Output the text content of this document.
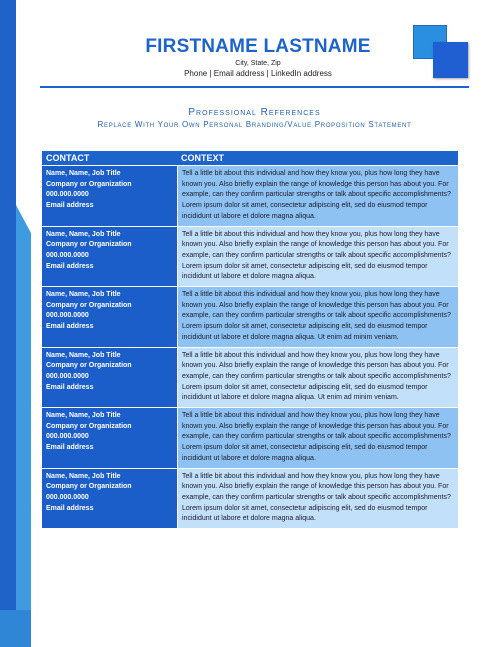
FIRSTNAME LASTNAME
City, State, Zip
Phone | Email address | LinkedIn address
Professional References
Replace With Your Own Personal Branding/Value Proposition Statement
CONTACT	CONTEXT
Name, Name, Job Title
Company or Organization
000.000.0000
Email address
Tell a little bit about this individual and how they know you, plus how long they have known you. Also briefly explain the range of knowledge this person has about you. For example, can they confirm particular strengths or talk about specific accomplishments? Lorem ipsum dolor sit amet, consectetur adipiscing elit, sed do eiusmod tempor incididunt ut labore et dolore magna aliqua.
Name, Name, Job Title
Company or Organization
000.000.0000
Email address
Tell a little bit about this individual and how they know you, plus how long they have known you. Also briefly explain the range of knowledge this person has about you. For example, can they confirm particular strengths or talk about specific accomplishments? Lorem ipsum dolor sit amet, consectetur adipiscing elit, sed do eiusmod tempor incididunt ut labore et dolore magna aliqua.
Name, Name, Job Title
Company or Organization
000.000.0000
Email address
Tell a little bit about this individual and how they know you, plus how long they have known you. Also briefly explain the range of knowledge this person has about you. For example, can they confirm particular strengths or talk about specific accomplishments? Lorem ipsum dolor sit amet, consectetur adipiscing elit, sed do eiusmod tempor incididunt ut labore et dolore magna aliqua. Ut enim ad minim veniam.
Name, Name, Job Title
Company or Organization
000.000.0000
Email address
Tell a little bit about this individual and how they know you, plus how long they have known you. Also briefly explain the range of knowledge this person has about you. For example, can they confirm particular strengths or talk about specific accomplishments? Lorem ipsum dolor sit amet, consectetur adipiscing elit, sed do eiusmod tempor incididunt ut labore et dolore magna aliqua. Ut enim ad minim veniam.
Name, Name, Job Title
Company or Organization
000.000.0000
Email address
Tell a little bit about this individual and how they know you, plus how long they have known you. Also briefly explain the range of knowledge this person has about you. For example, can they confirm particular strengths or talk about specific accomplishments? Lorem ipsum dolor sit amet, consectetur adipiscing elit, sed do eiusmod tempor incididunt ut labore et dolore magna aliqua.
Name, Name, Job Title
Company or Organization
000.000.0000
Email address
Tell a little bit about this individual and how they know you, plus how long they have known you. Also briefly explain the range of knowledge this person has about you. For example, can they confirm particular strengths or talk about specific accomplishments? Lorem ipsum dolor sit amet, consectetur adipiscing elit, sed do eiusmod tempor incididunt ut labore et dolore magna aliqua.
